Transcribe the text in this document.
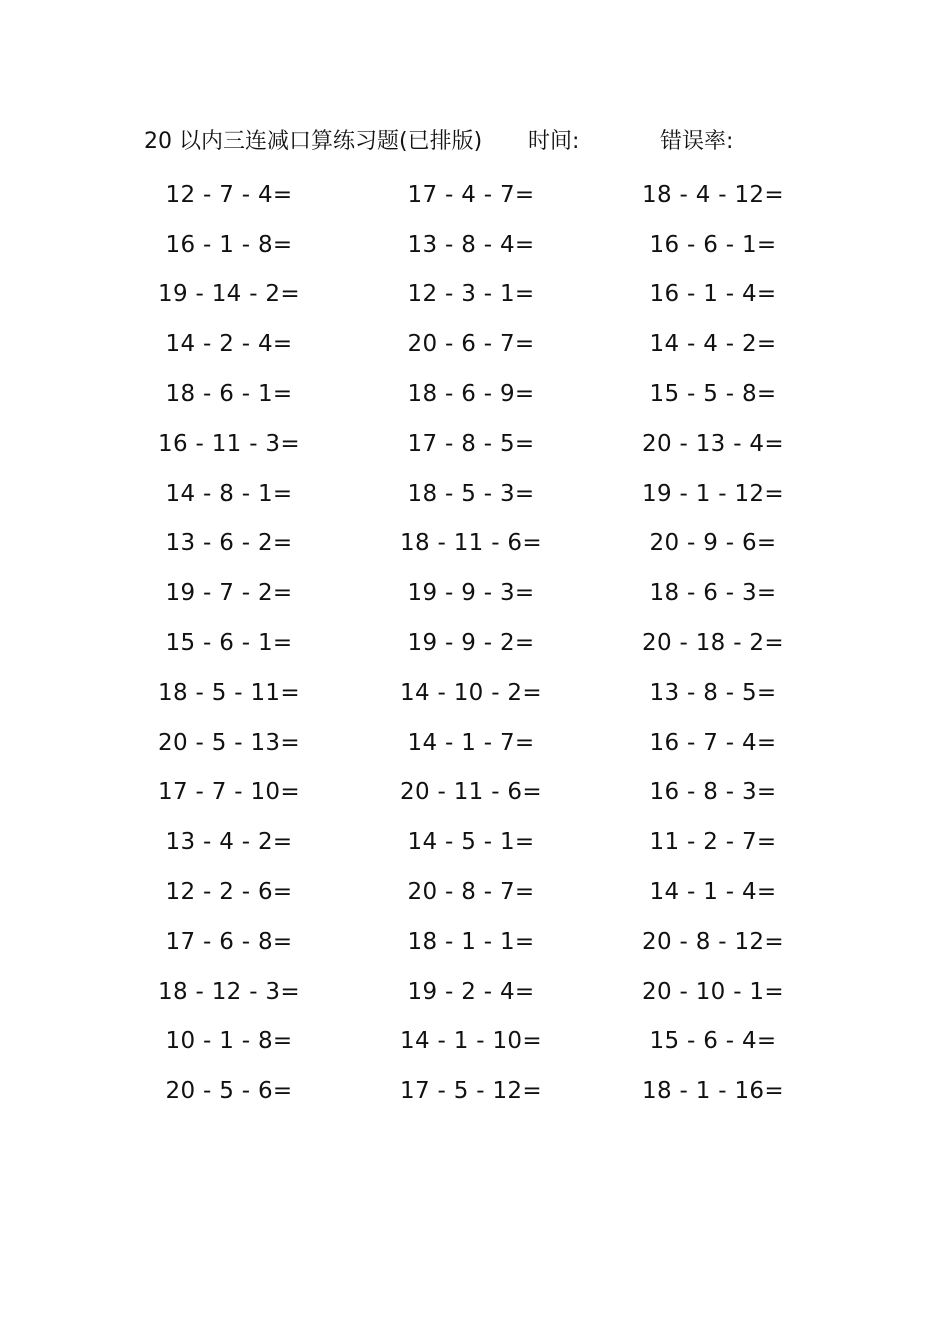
20 以内三连减口算练习题(已排版) 时间:	错误率:
12 - 7 - 4=	17 - 4 - 7=	18 - 4 - 12=
16 - 1 - 8=	13 - 8 - 4=	16 - 6 - 1=
19 - 14 - 2=	12 - 3 - 1=	16 - 1 - 4=
14 - 2 - 4=	20 - 6 - 7=	14 - 4 - 2=
18 - 6 - 1=	18 - 6 - 9=	15 - 5 - 8=
16 - 11 - 3=	17 - 8 - 5=	20 - 13 - 4=
14 - 8 - 1=	18 - 5 - 3=	19 - 1 - 12=
13 - 6 - 2=	18 - 11 - 6=	20 - 9 - 6=
19 - 7 - 2=	19 - 9 - 3=	18 - 6 - 3=
15 - 6 - 1=	19 - 9 - 2=	20 - 18 - 2=
18 - 5 - 11=	14 - 10 - 2=	13 - 8 - 5=
20 - 5 - 13=	14 - 1 - 7=	16 - 7 - 4=
17 - 7 - 10=	20 - 11 - 6=	16 - 8 - 3=
13 - 4 - 2=	14 - 5 - 1=	11 - 2 - 7=
12 - 2 - 6=	20 - 8 - 7=	14 - 1 - 4=
17 - 6 - 8=	18 - 1 - 1=	20 - 8 - 12=
18 - 12 - 3=	19 - 2 - 4=	20 - 10 - 1=
10 - 1 - 8=	14 - 1 - 10=	15 - 6 - 4=
20 - 5 - 6=	17 - 5 - 12=	18 - 1 - 16=
